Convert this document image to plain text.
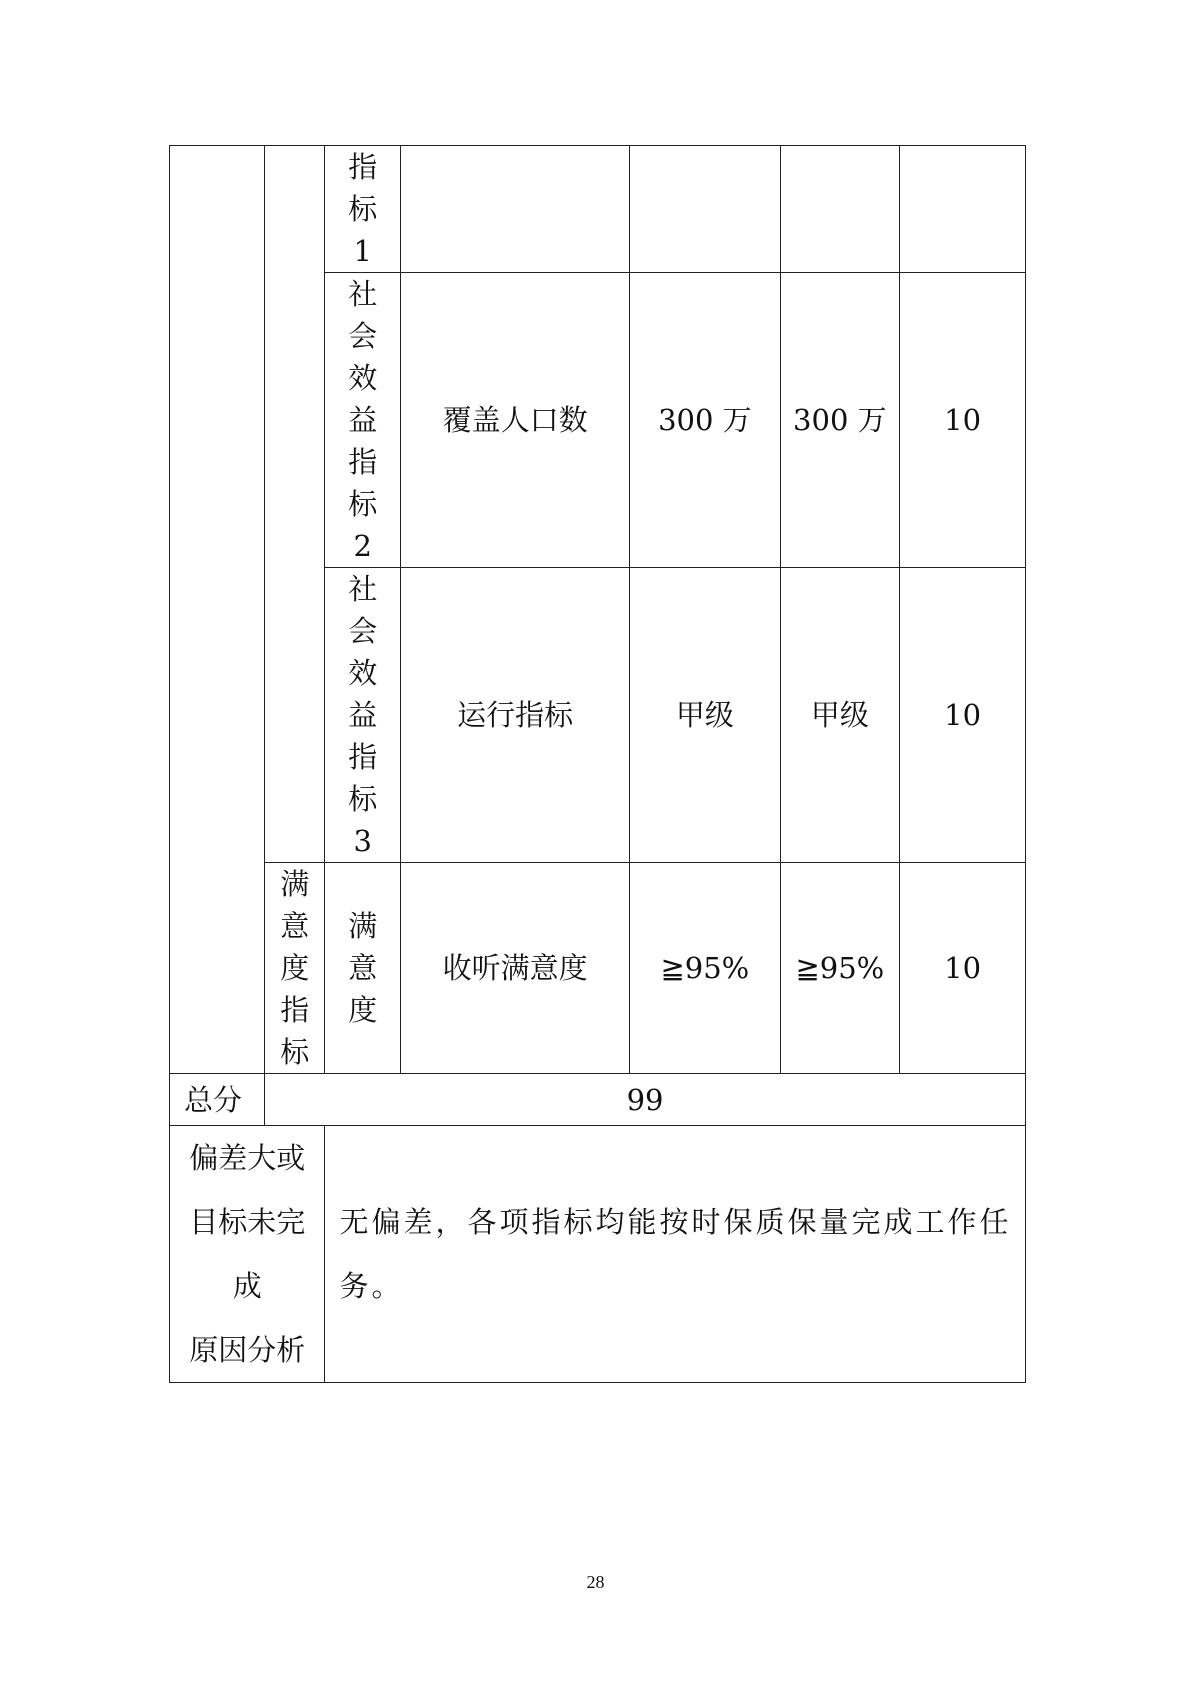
		指标1				

		社会效益指标2	覆盖人口数	300 万	300 万	10

		社会效益指标3	运行指标	甲级	甲级	10

	满意度指标	满意度	收听满意度	≧95%	≧95%	10
总分	99					

偏差大或
目标未完
成
原因分析		无偏差，各项指标均能按时保质保量完成工作任务。				
28
